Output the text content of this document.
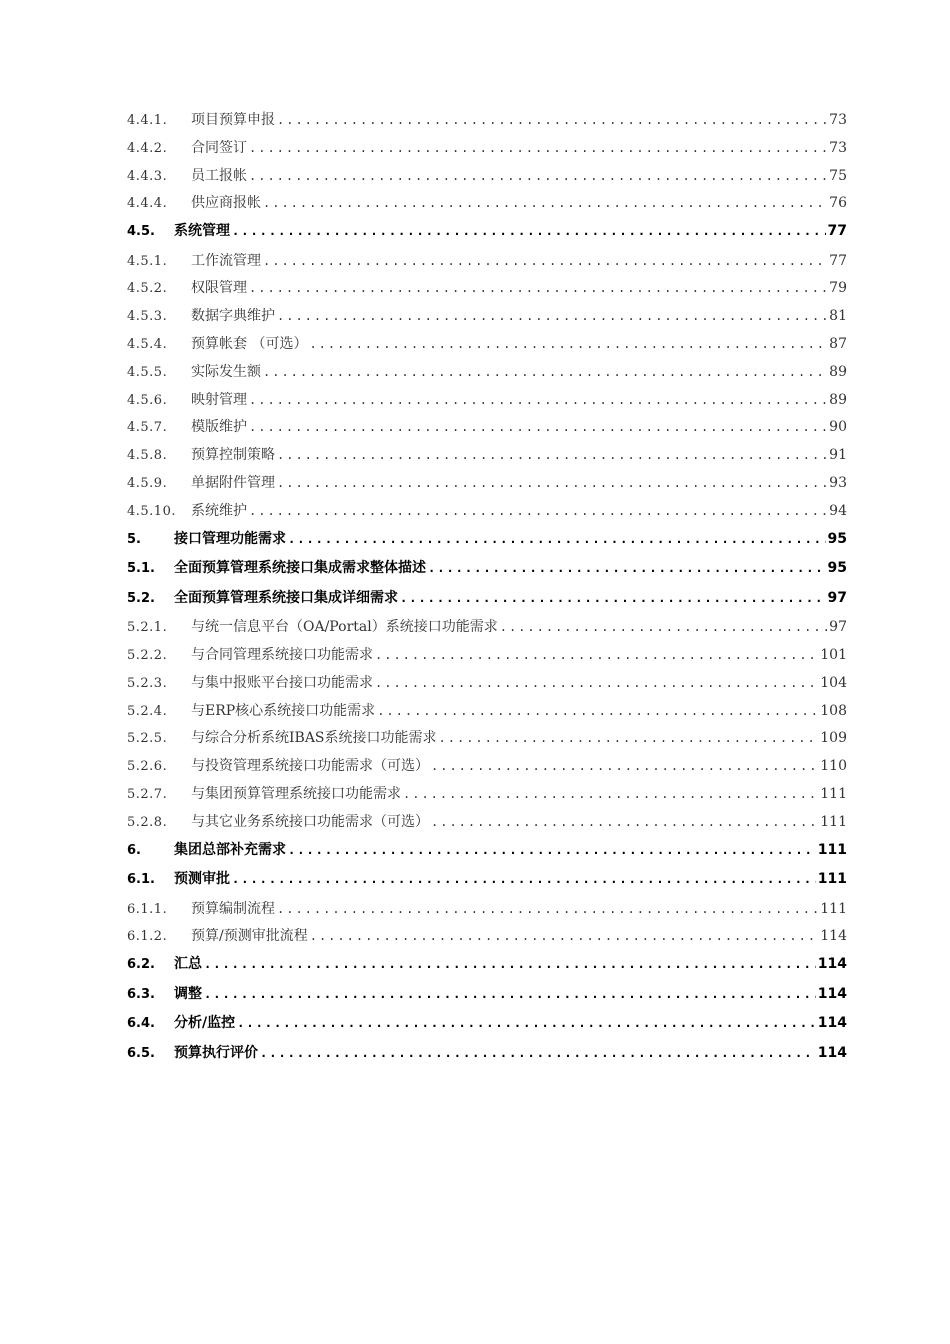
4.4.1.	项目预算申报 .....	73
4.4.2.	合同签订 .....	73
4.4.3.	员工报帐 .....	75
4.4.4.	供应商报帐 .....	76
4.5.	系统管理 .....	77
4.5.1.	工作流管理 .....	77
4.5.2.	权限管理 .....	79
4.5.3.	数据字典维护 .....	81
4.5.4.	预算帐套 （可选） .....	87
4.5.5.	实际发生额 .....	89
4.5.6.	映射管理 .....	89
4.5.7.	模版维护 .....	90
4.5.8.	预算控制策略 .....	91
4.5.9.	单据附件管理 .....	93
4.5.10.	系统维护 .....	94
5.	接口管理功能需求 .....	95
5.1.	全面预算管理系统接口集成需求整体描述 .....	95
5.2.	全面预算管理系统接口集成详细需求 .....	97
5.2.1.	与统一信息平台（OA/Portal）系统接口功能需求 .....	97
5.2.2.	与合同管理系统接口功能需求 .....	101
5.2.3.	与集中报账平台接口功能需求 .....	104
5.2.4.	与ERP核心系统接口功能需求 .....	108
5.2.5.	与综合分析系统IBAS系统接口功能需求 .....	109
5.2.6.	与投资管理系统接口功能需求（可选） .....	110
5.2.7.	与集团预算管理系统接口功能需求 .....	111
5.2.8.	与其它业务系统接口功能需求（可选） .....	111
6.	集团总部补充需求 .....	111
6.1.	预测审批 .....	111
6.1.1.	预算编制流程 .....	111
6.1.2.	预算/预测审批流程 .....	114
6.2.	汇总 .....	114
6.3.	调整 .....	114
6.4.	分析/监控 .....	114
6.5.	预算执行评价 .....	114
